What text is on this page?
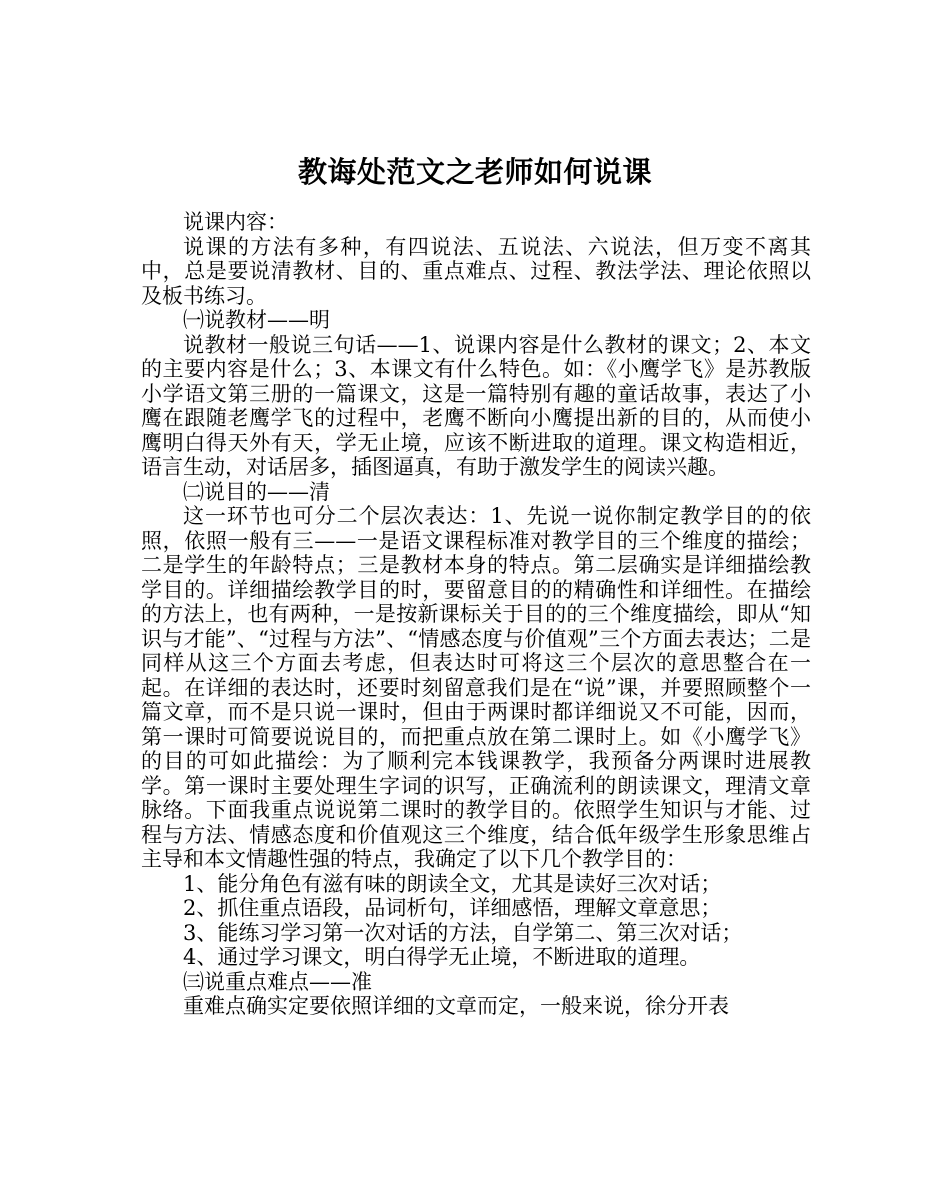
教诲处范文之老师如何说课

说课内容：

说课的方法有多种，有四说法、五说法、六说法，但万变不离其中，总是要说清教材、目的、重点难点、过程、教法学法、理论依照以及板书练习。

㈠说教材——明

说教材一般说三句话——1、说课内容是什么教材的课文；2、本文的主要内容是什么；3、本课文有什么特色。如：《小鹰学飞》是苏教版小学语文第三册的一篇课文，这是一篇特别有趣的童话故事，表达了小鹰在跟随老鹰学飞的过程中，老鹰不断向小鹰提出新的目的，从而使小鹰明白得天外有天，学无止境，应该不断进取的道理。课文构造相近，语言生动，对话居多，插图逼真，有助于激发学生的阅读兴趣。

㈡说目的——清

这一环节也可分二个层次表达：1、先说一说你制定教学目的的依照，依照一般有三——一是语文课程标准对教学目的三个维度的描绘；二是学生的年龄特点；三是教材本身的特点。第二层确实是详细描绘教学目的。详细描绘教学目的时，要留意目的的精确性和详细性。在描绘的方法上，也有两种，一是按新课标关于目的的三个维度描绘，即从“知识与才能”、“过程与方法”、“情感态度与价值观”三个方面去表达；二是同样从这三个方面去考虑，但表达时可将这三个层次的意思整合在一起。在详细的表达时，还要时刻留意我们是在“说”课，并要照顾整个一篇文章，而不是只说一课时，但由于两课时都详细说又不可能，因而，第一课时可简要说说目的，而把重点放在第二课时上。如《小鹰学飞》的目的可如此描绘：为了顺利完本钱课教学，我预备分两课时进展教学。第一课时主要处理生字词的识写，正确流利的朗读课文，理清文章脉络。下面我重点说说第二课时的教学目的。依照学生知识与才能、过程与方法、情感态度和价值观这三个维度，结合低年级学生形象思维占主导和本文情趣性强的特点，我确定了以下几个教学目的：

1、能分角色有滋有味的朗读全文，尤其是读好三次对话；

2、抓住重点语段，品词析句，详细感悟，理解文章意思；

3、能练习学习第一次对话的方法，自学第二、第三次对话；

4、通过学习课文，明白得学无止境，不断进取的道理。

㈢说重点难点——准

重难点确实定要依照详细的文章而定，一般来说，徐分开表
